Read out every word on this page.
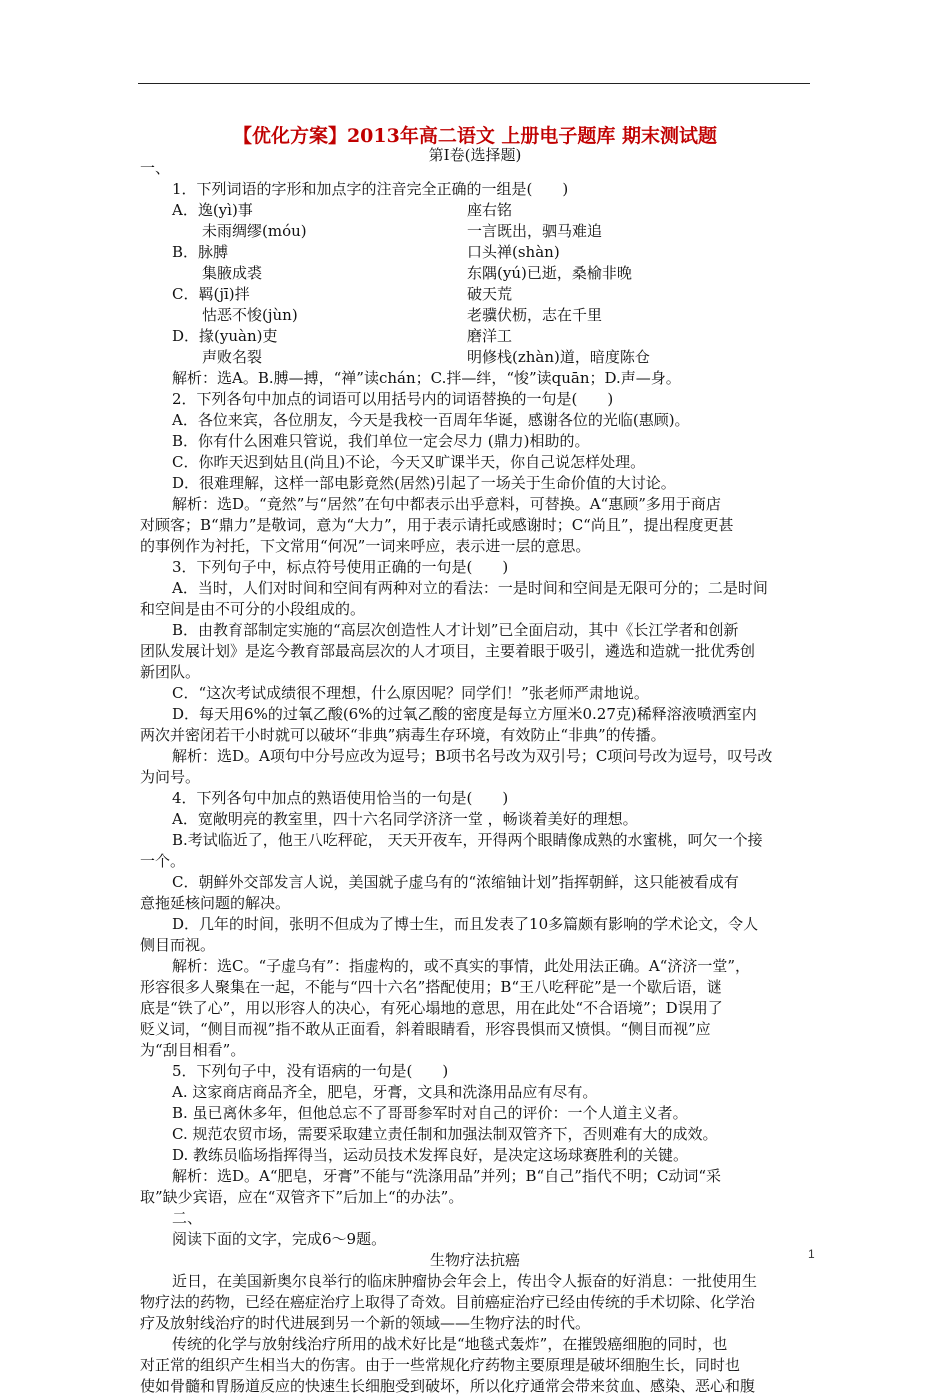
【优化方案】2013年高二语文 上册电子题库 期末测试题
第Ⅰ卷(选择题)
一、
1．下列词语的字形和加点字的注音完全正确的一组是(　　)
A．逸(yì)事	座右铭
未雨绸缪(móu)	一言既出，驷马难追
B．脉膊	口头禅(shàn)
集腋成裘	东隅(yú)已逝，桑榆非晚
C．羁(jī)拌	破天荒
怙恶不悛(jùn)	老骥伏枥，志在千里
D．掾(yuàn)吏	磨洋工
声败名裂	明修栈(zhàn)道，暗度陈仓
解析：选A。B.膊—搏，“禅”读chán；C.拌—绊，“悛”读quān；D.声—身。
2．下列各句中加点的词语可以用括号内的词语替换的一句是(　　)
A．各位来宾，各位朋友，今天是我校一百周年华诞，感谢各位的光临(惠顾)。
B．你有什么困难只管说，我们单位一定会尽力 (鼎力)相助的。
C．你昨天迟到姑且(尚且)不论，今天又旷课半天，你自己说怎样处理。
D．很难理解，这样一部电影竟然(居然)引起了一场关于生命价值的大讨论。
解析：选D。“竟然”与“居然”在句中都表示出乎意料，可替换。A“惠顾”多用于商店
对顾客；B“鼎力”是敬词，意为“大力”，用于表示请托或感谢时；C“尚且”，提出程度更甚
的事例作为衬托，下文常用“何况”一词来呼应，表示进一层的意思。
3．下列句子中，标点符号使用正确的一句是(　　)
A．当时，人们对时间和空间有两种对立的看法：一是时间和空间是无限可分的；二是时间
和空间是由不可分的小段组成的。
B．由教育部制定实施的“高层次创造性人才计划”已全面启动，其中《长江学者和创新
团队发展计划》是迄今教育部最高层次的人才项目，主要着眼于吸引，遴选和造就一批优秀创
新团队。
C．“这次考试成绩很不理想，什么原因呢？同学们！”张老师严肃地说。
D．每天用6%的过氧乙酸(6%的过氧乙酸的密度是每立方厘米0.27克)稀释溶液喷洒室内
两次并密闭若干小时就可以破坏“非典”病毒生存环境，有效防止“非典”的传播。
解析：选D。A项句中分号应改为逗号；B项书名号改为双引号；C项问号改为逗号，叹号改
为问号。
4．下列各句中加点的熟语使用恰当的一句是(　　)
A．宽敞明亮的教室里，四十六名同学济济一堂 ，畅谈着美好的理想。
B.考试临近了，他王八吃秤砣， 天天开夜车，开得两个眼睛像成熟的水蜜桃，呵欠一个接
一个。
C．朝鲜外交部发言人说，美国就子虚乌有的“浓缩铀计划”指挥朝鲜，这只能被看成有
意拖延核问题的解决。
D．几年的时间，张明不但成为了博士生，而且发表了10多篇颇有影响的学术论文，令人
侧目而视。
解析：选C。“子虚乌有”：指虚构的，或不真实的事情，此处用法正确。A“济济一堂”，
形容很多人聚集在一起，不能与“四十六名”搭配使用；B“王八吃秤砣”是一个歇后语，谜
底是“铁了心”，用以形容人的决心，有死心塌地的意思，用在此处“不合语境”；D误用了
贬义词，“侧目而视”指不敢从正面看，斜着眼睛看，形容畏惧而又愤惧。“侧目而视”应
为“刮目相看”。
5．下列句子中，没有语病的一句是(　　)
A. 这家商店商品齐全，肥皂，牙膏，文具和洗涤用品应有尽有。
B. 虽已离休多年，但他总忘不了哥哥参军时对自己的评价：一个人道主义者。
C. 规范农贸市场，需要采取建立责任制和加强法制双管齐下，否则难有大的成效。
D. 教练员临场指挥得当，运动员技术发挥良好，是决定这场球赛胜利的关键。
解析：选D。A“肥皂，牙膏”不能与“洗涤用品”并列；B“自己”指代不明；C动词“采
取”缺少宾语，应在“双管齐下”后加上“的办法”。
二、
阅读下面的文字，完成6～9题。
生物疗法抗癌
近日，在美国新奥尔良举行的临床肿瘤协会年会上，传出令人振奋的好消息：一批使用生
物疗法的药物，已经在癌症治疗上取得了奇效。目前癌症治疗已经由传统的手术切除、化学治
疗及放射线治疗的时代进展到另一个新的领域——生物疗法的时代。
传统的化学与放射线治疗所用的战术好比是“地毯式轰炸”，在摧毁癌细胞的同时，也
对正常的组织产生相当大的伤害。由于一些常规化疗药物主要原理是破坏细胞生长，同时也
使如骨髓和胃肠道反应的快速生长细胞受到破坏，所以化疗通常会带来贫血、感染、恶心和腹
1
